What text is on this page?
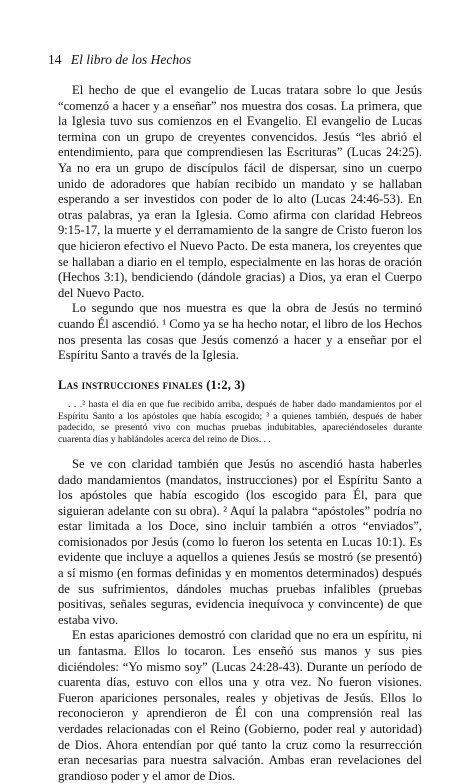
14 El libro de los Hechos

El hecho de que el evangelio de Lucas tratara sobre lo que Jesús “comenzó a hacer y a enseñar” nos muestra dos cosas. La primera, que la Iglesia tuvo sus comienzos en el Evangelio. El evangelio de Lucas termina con un grupo de creyentes convencidos. Jesús “les abrió el entendimiento, para que comprendiesen las Escrituras” (Lucas 24:25). Ya no era un grupo de discípulos fácil de dispersar, sino un cuerpo unido de adoradores que habían recibido un mandato y se hallaban esperando a ser investidos con poder de lo alto (Lucas 24:46-53). En otras palabras, ya eran la Iglesia. Como afirma con claridad Hebreos 9:15-17, la muerte y el derramamiento de la sangre de Cristo fueron los que hicieron efectivo el Nuevo Pacto. De esta manera, los creyentes que se hallaban a diario en el templo, especialmente en las horas de oración (Hechos 3:1), bendiciendo (dándole gracias) a Dios, ya eran el Cuerpo del Nuevo Pacto.

Lo segundo que nos muestra es que la obra de Jesús no terminó cuando Él ascendió. ¹ Como ya se ha hecho notar, el libro de los Hechos nos presenta las cosas que Jesús comenzó a hacer y a enseñar por el Espíritu Santo a través de la Iglesia.

Las instrucciones finales (1:2, 3)
. . .² hasta el día en que fue recibido arriba, después de haber dado mandamientos por el Espíritu Santo a los apóstoles que había escogido; ³ a quienes también, después de haber padecido, se presentó vivo con muchas pruebas indubitables, apareciéndoseles durante cuarenta días y hablándoles acerca del reino de Dios. . .

Se ve con claridad también que Jesús no ascendió hasta haberles dado mandamientos (mandatos, instrucciones) por el Espíritu Santo a los apóstoles que había escogido (los escogido para Él, para que siguieran adelante con su obra). ² Aquí la palabra “apóstoles” podría no estar limitada a los Doce, sino incluir también a otros “enviados”, comisionados por Jesús (como lo fueron los setenta en Lucas 10:1). Es evidente que incluye a aquellos a quienes Jesús se mostró (se presentó) a sí mismo (en formas definidas y en momentos determinados) después de sus sufrimientos, dándoles muchas pruebas infalibles (pruebas positivas, señales seguras, evidencia inequívoca y convincente) de que estaba vivo.

En estas apariciones demostró con claridad que no era un espíritu, ni un fantasma. Ellos lo tocaron. Les enseñó sus manos y sus pies diciéndoles: “Yo mismo soy” (Lucas 24:28-43). Durante un período de cuarenta días, estuvo con ellos una y otra vez. No fueron visiones. Fueron apariciones personales, reales y objetivas de Jesús. Ellos lo reconocieron y aprendieron de Él con una comprensión real las verdades relacionadas con el Reino (Gobierno, poder real y autoridad) de Dios. Ahora entendían por qué tanto la cruz como la resurrección eran necesarias para nuestra salvación. Ambas eran revelaciones del grandioso poder y el amor de Dios.
